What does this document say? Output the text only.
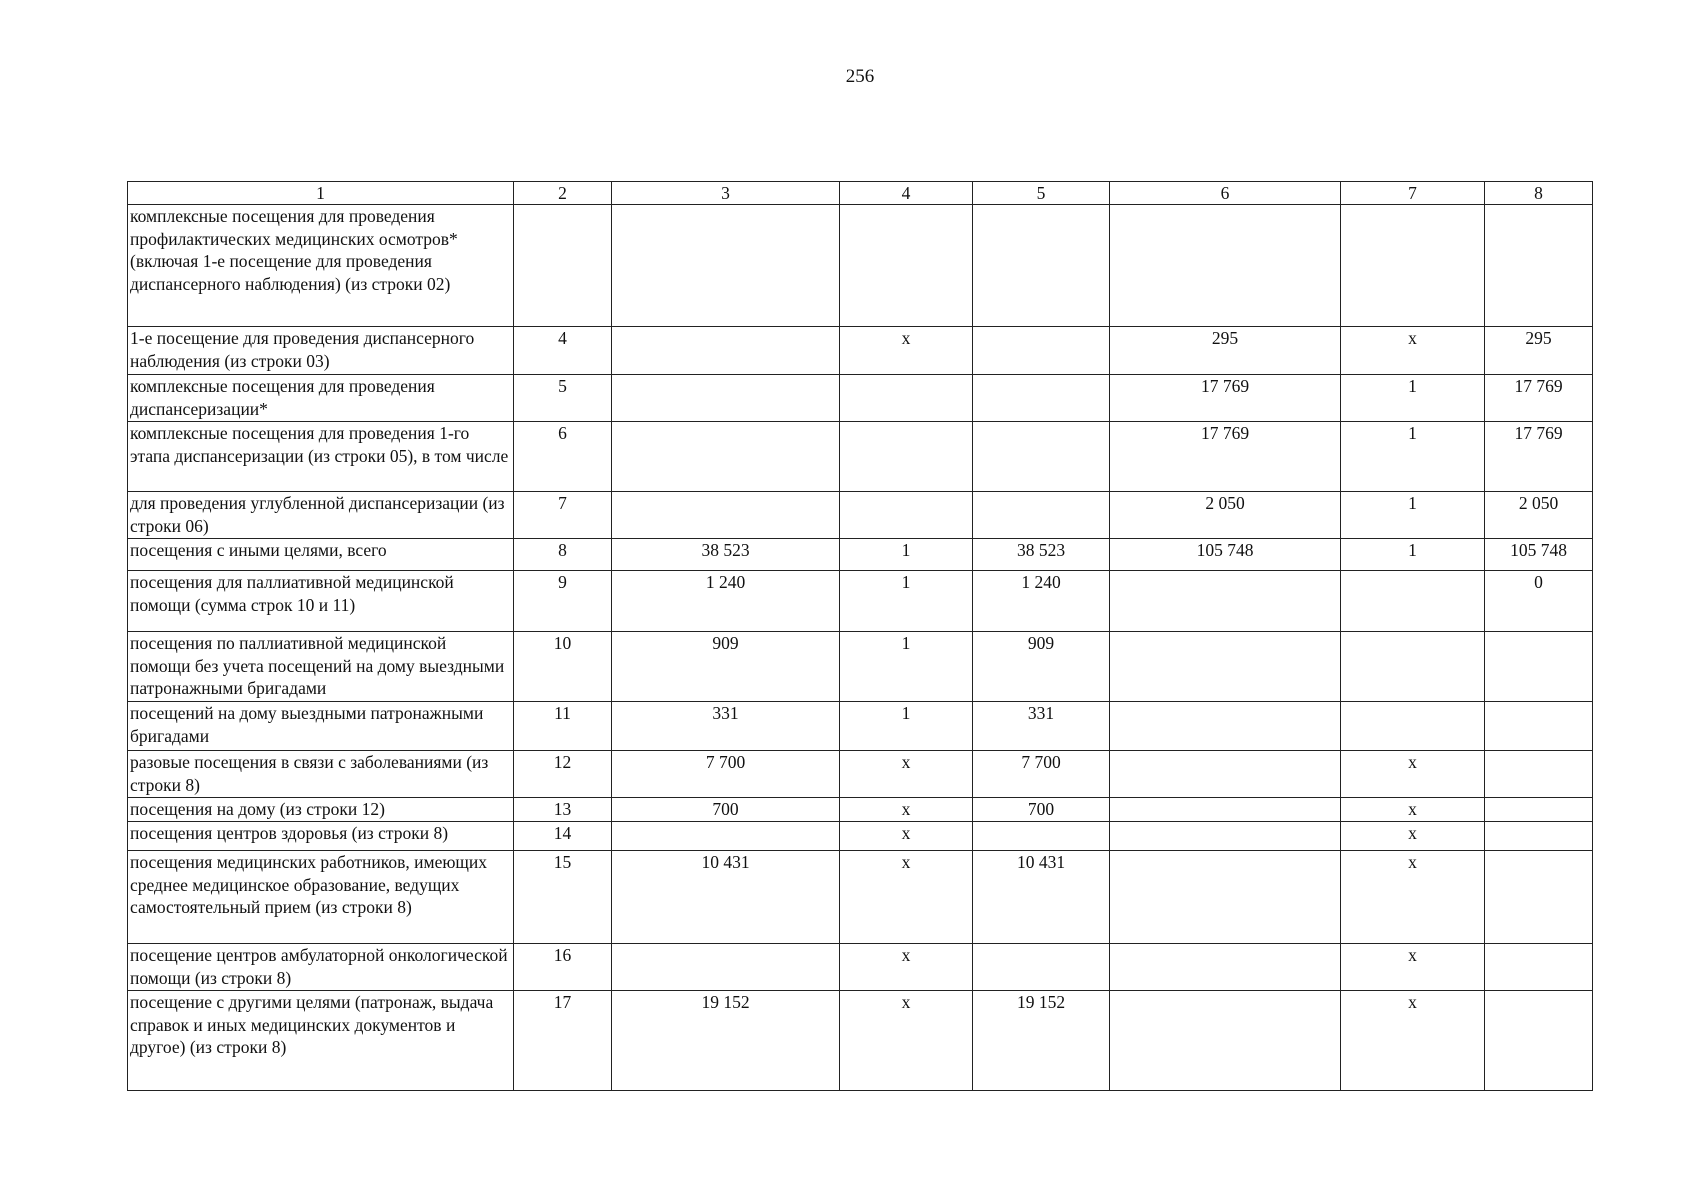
256
1	2	3	4	5	6	7	8
комплексные посещения для проведения профилактических медицинских осмотров* (включая 1-е посещение для проведения диспансерного наблюдения) (из строки 02)							
1-е посещение для проведения диспансерного наблюдения (из строки 03)	4		x		295	x	295
комплексные посещения для проведения диспансеризации*	5				17 769	1	17 769
комплексные посещения для проведения 1-го этапа диспансеризации (из строки 05), в том числе	6				17 769	1	17 769
для проведения углубленной диспансеризации (из строки 06)	7				2 050	1	2 050
посещения с иными целями, всего	8	38 523	1	38 523	105 748	1	105 748
посещения для паллиативной медицинской помощи (сумма строк 10 и 11)	9	1 240	1	1 240			0
посещения по паллиативной медицинской помощи без учета посещений на дому выездными патронажными бригадами	10	909	1	909			
посещений на дому выездными патронажными бригадами	11	331	1	331			
разовые посещения в связи с заболеваниями (из строки 8)	12	7 700	x	7 700		x	
посещения на дому (из строки 12)	13	700	x	700		x	
посещения центров здоровья (из строки 8)	14		x			x	
посещения медицинских работников, имеющих среднее медицинское образование, ведущих самостоятельный прием (из строки 8)	15	10 431	x	10 431		x	
посещение центров амбулаторной онкологической помощи (из строки 8)	16		x			x	
посещение с другими целями (патронаж, выдача справок и иных медицинских документов и другое) (из строки 8)	17	19 152	x	19 152		x	
